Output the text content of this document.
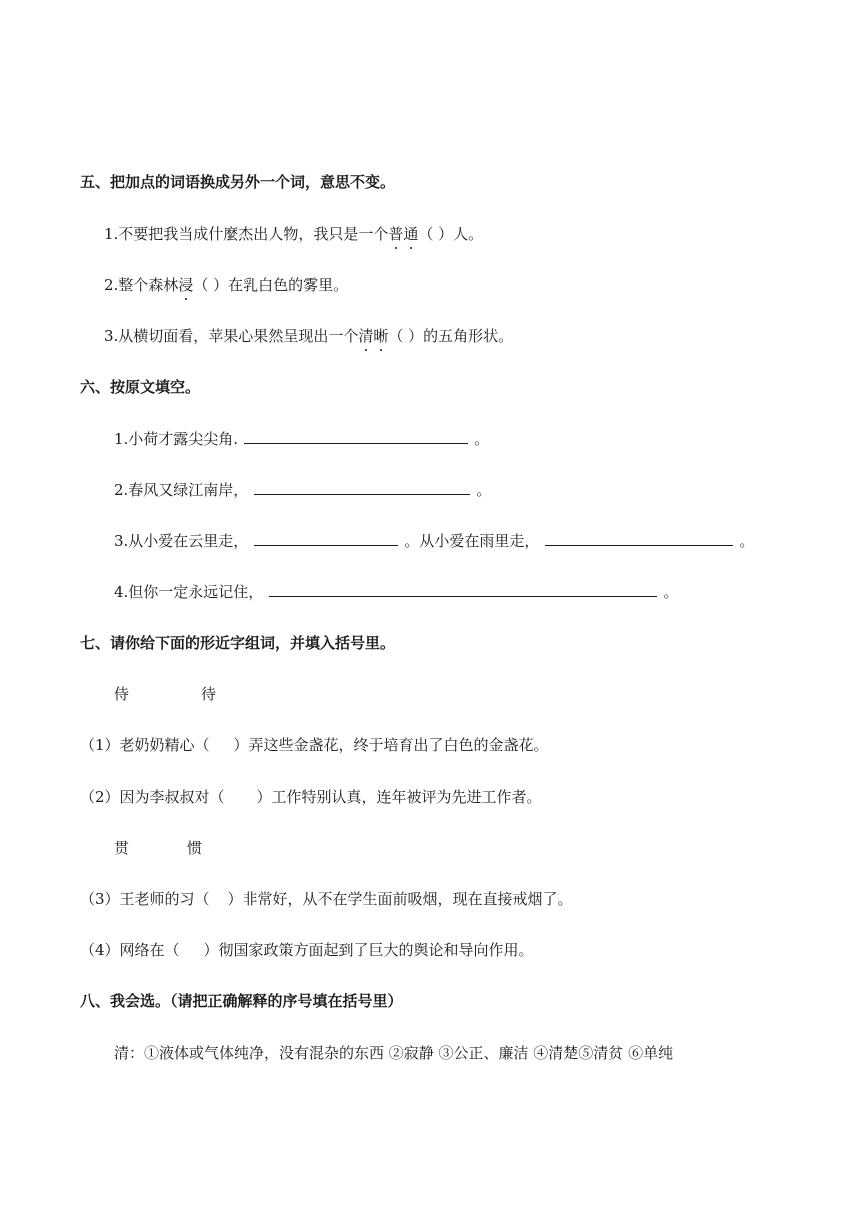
五、把加点的词语换成另外一个词，意思不变。
1.不要把我当成什麼杰出人物，我只是一个普通（ ）人。
2.整个森林浸（ ）在乳白色的雾里。
3.从横切面看，苹果心果然呈现出一个清晰（ ）的五角形状。
六、按原文填空。
1.小荷才露尖尖角.	。
2.春风又绿江南岸，	。
3.从小爱在云里走，	。从小爱在雨里走，	。
4.但你一定永远记住，	。
七、请你给下面的形近字组词，并填入括号里。
侍	待
（1）老奶奶精心（ ）弄这些金盏花，终于培育出了白色的金盏花。
（2）因为李叔叔对（ ）工作特别认真，连年被评为先进工作者。
贯	惯
（3）王老师的习（ ）非常好，从不在学生面前吸烟，现在直接戒烟了。
（4）网络在（ ）彻国家政策方面起到了巨大的舆论和导向作用。
八、我会选。（请把正确解释的序号填在括号里）
清：①液体或气体纯净，没有混杂的东西 ②寂静 ③公正、廉洁 ④清楚⑤清贫 ⑥单纯
